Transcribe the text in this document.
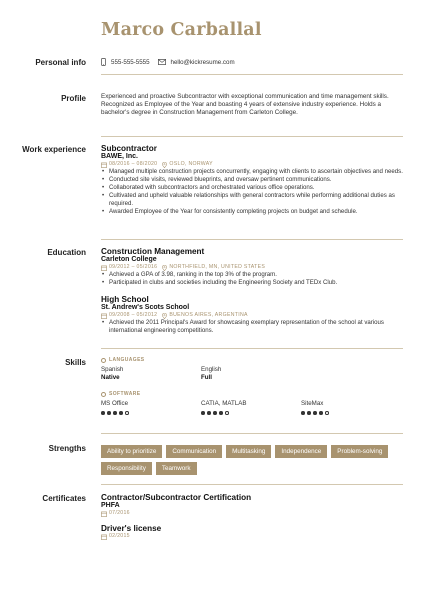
Marco Carballal
Personal info	555-555-5555	hello@kickresume.com
Profile Experienced and proactive Subcontractor with exceptional communication and time management skills. Recognized as Employee of the Year and boasting 4 years of extensive industry experience. Holds a bachelor's degree in Construction Management from Carleton College.

Work experience Subcontractor

BAWE, Inc.

08/2016 – 08/2020 OSLO, NORWAY
• Managed multiple construction projects concurrently, engaging with clients to ascertain objectives and needs.
• Conducted site visits, reviewed blueprints, and oversaw pertinent communications.
• Collaborated with subcontractors and orchestrated various office operations.
• Cultivated and upheld valuable relationships with general contractors while performing additional duties as required.
• Awarded Employee of the Year for consistently completing projects on budget and schedule.
Education Construction Management

Carleton College

09/2012 – 05/2016 NORTHFIELD, MN, UNITED STATES
• Achieved a GPA of 3.98, ranking in the top 3% of the program.
• Participated in clubs and societies including the Engineering Society and TEDx Club.

High School

St. Andrew's Scots School

09/2008 – 05/2012 BUENOS AIRES, ARGENTINA
• Achieved the 2011 Principal's Award for showcasing exemplary representation of the school at various international engineering competitions.
Skills	LANGUAGES
Spanish
Native
English
Full
SOFTWARE
MS Office	CATIA, MATLAB	SiteMax
Strengths	Ability to prioritize	Communication	Multitasking	Independence	Problem-solving
Responsibility	Teamwork
Certificates Contractor/Subcontractor Certification

PHFA

07/2016

Driver's license

02/2015
